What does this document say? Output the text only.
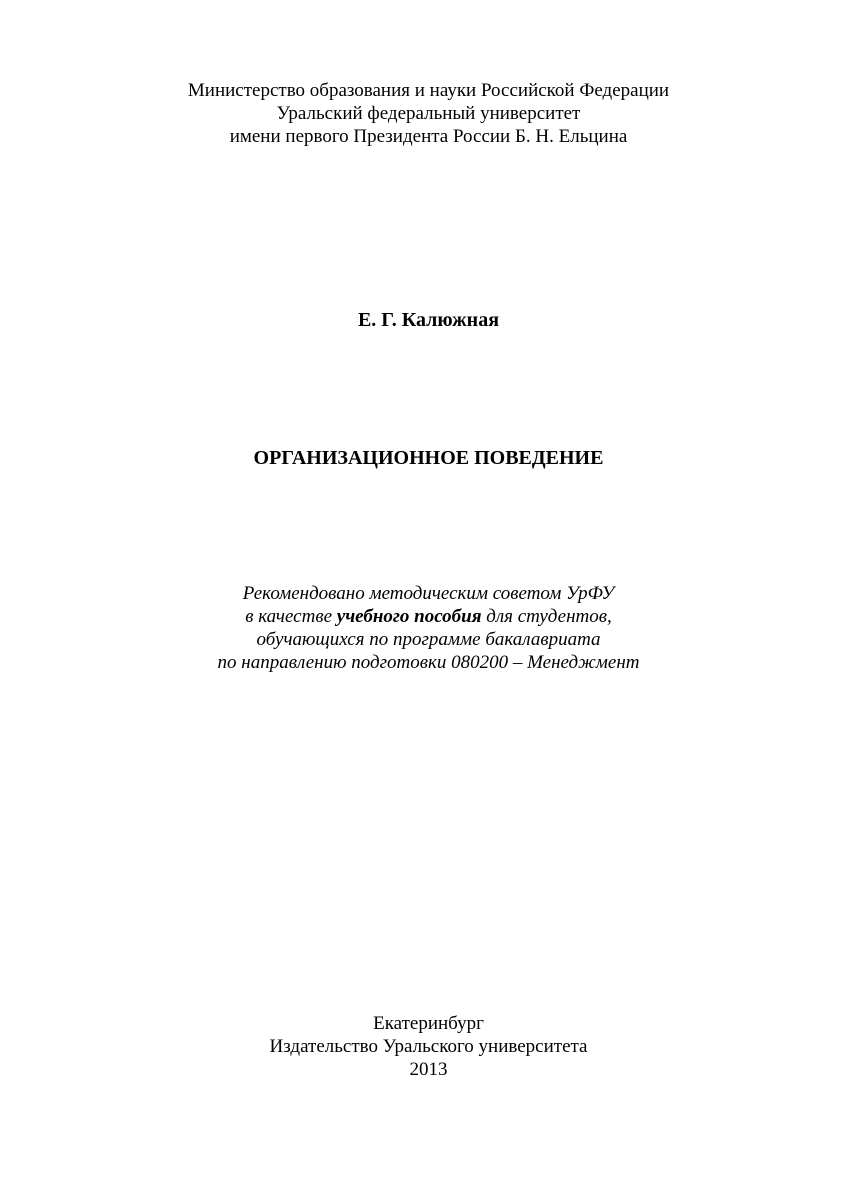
Министерство образования и науки Российской Федерации
Уральский федеральный университет
имени первого Президента России Б. Н. Ельцина
Е. Г. Калюжная
ОРГАНИЗАЦИОННОЕ ПОВЕДЕНИЕ
Рекомендовано методическим советом УрФУ
в качестве учебного пособия для студентов,
обучающихся по программе бакалавриата
по направлению подготовки 080200 – Менеджмент
Екатеринбург
Издательство Уральского университета
2013
